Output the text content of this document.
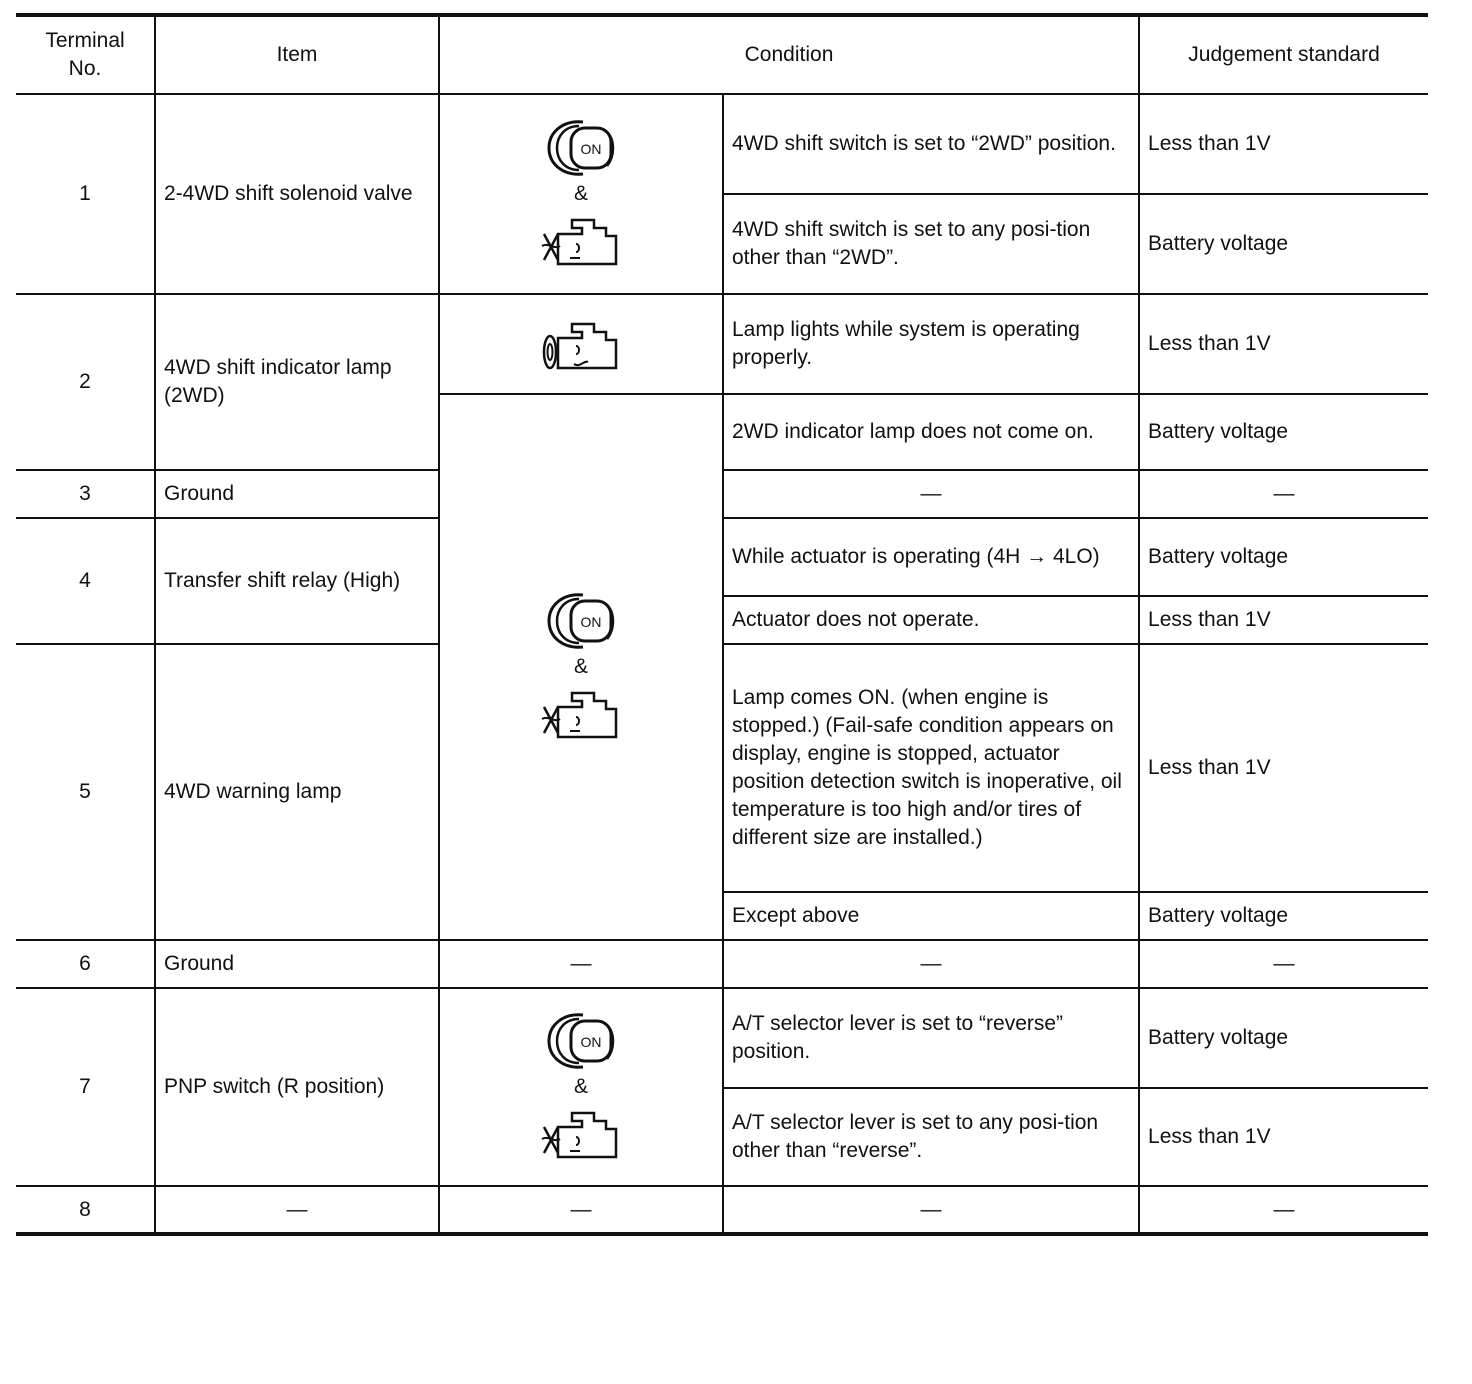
Terminal No.	Item	Condition		Judgement standard
1	2-4WD shift solenoid valve	&	4WD shift switch is set to “2WD” position.	Less than 1V
			4WD shift switch is set to any posi-tion other than “2WD”.	Battery voltage
2	4WD shift indicator lamp (2WD)		Lamp lights while system is operating properly.	Less than 1V

		&	2WD indicator lamp does not come on.	Battery voltage
3	Ground		—	—
4	Transfer shift relay (High)		While actuator is operating (4H → 4LO)	Battery voltage
			Actuator does not operate.	Less than 1V
5	4WD warning lamp		Lamp comes ON. (when engine is stopped.) (Fail-safe condition appears on display, engine is stopped, actuator position detection switch is inoperative, oil temperature is too high and/or tires of different size are installed.)	Less than 1V
			Except above	Battery voltage
6	Ground	—	—	—
7	PNP switch (R position)	&	A/T selector lever is set to “reverse” position.	Battery voltage
			A/T selector lever is set to any posi-tion other than “reverse”.	Less than 1V
8	—	—	—	—
